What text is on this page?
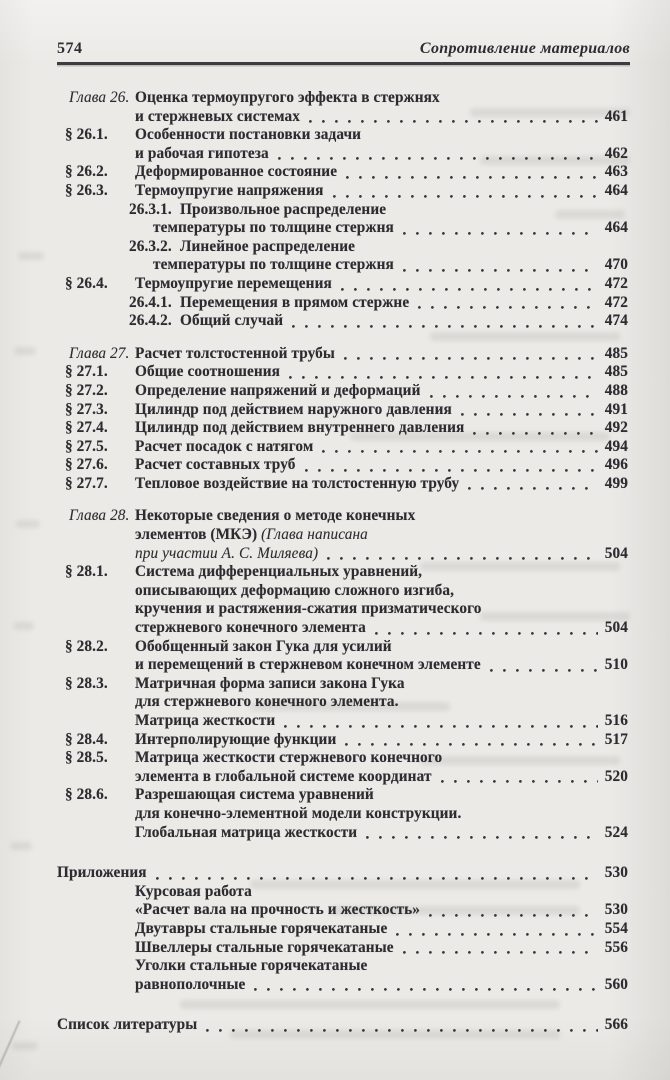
574	Сопротивление материалов
Глава 26. Оценка термоупругого эффекта в стержнях
и стержневых системах	461
§ 26.1.	Особенности постановки задачи
и рабочая гипотеза	462
§ 26.2.	Деформированное состояние	463
§ 26.3.	Термоупругие напряжения	464
26.3.1. Произвольное распределение
температуры по толщине стержня	464
26.3.2. Линейное распределение
температуры по толщине стержня	470
§ 26.4.	Термоупругие перемещения	472
26.4.1. Перемещения в прямом стержне	472
26.4.2. Общий случай	474
Глава 27. Расчет толстостенной трубы	485
§ 27.1.	Общие соотношения	485
§ 27.2.	Определение напряжений и деформаций	488
§ 27.3.	Цилиндр под действием наружного давления	491
§ 27.4.	Цилиндр под действием внутреннего давления	492
§ 27.5.	Расчет посадок с натягом	494
§ 27.6.	Расчет составных труб	496
§ 27.7.	Тепловое воздействие на толстостенную трубу	499
Глава 28. Некоторые сведения о методе конечных
элементов (МКЭ) (Глава написана
при участии А. С. Миляева)	504
§ 28.1.	Система дифференциальных уравнений,
описывающих деформацию сложного изгиба,
кручения и растяжения-сжатия призматического
стержневого конечного элемента	504
§ 28.2.	Обобщенный закон Гука для усилий
и перемещений в стержневом конечном элементе	510
§ 28.3.	Матричная форма записи закона Гука
для стержневого конечного элемента.
Матрица жесткости	516
§ 28.4.	Интерполирующие функции	517
§ 28.5.	Матрица жесткости стержневого конечного
элемента в глобальной системе координат	520
§ 28.6.	Разрешающая система уравнений
для конечно-элементной модели конструкции.
Глобальная матрица жесткости	524
Приложения	530
Курсовая работа
«Расчет вала на прочность и жесткость»	530
Двутавры стальные горячекатаные	554
Швеллеры стальные горячекатаные	556
Уголки стальные горячекатаные
равнополочные	560
Список литературы	566
